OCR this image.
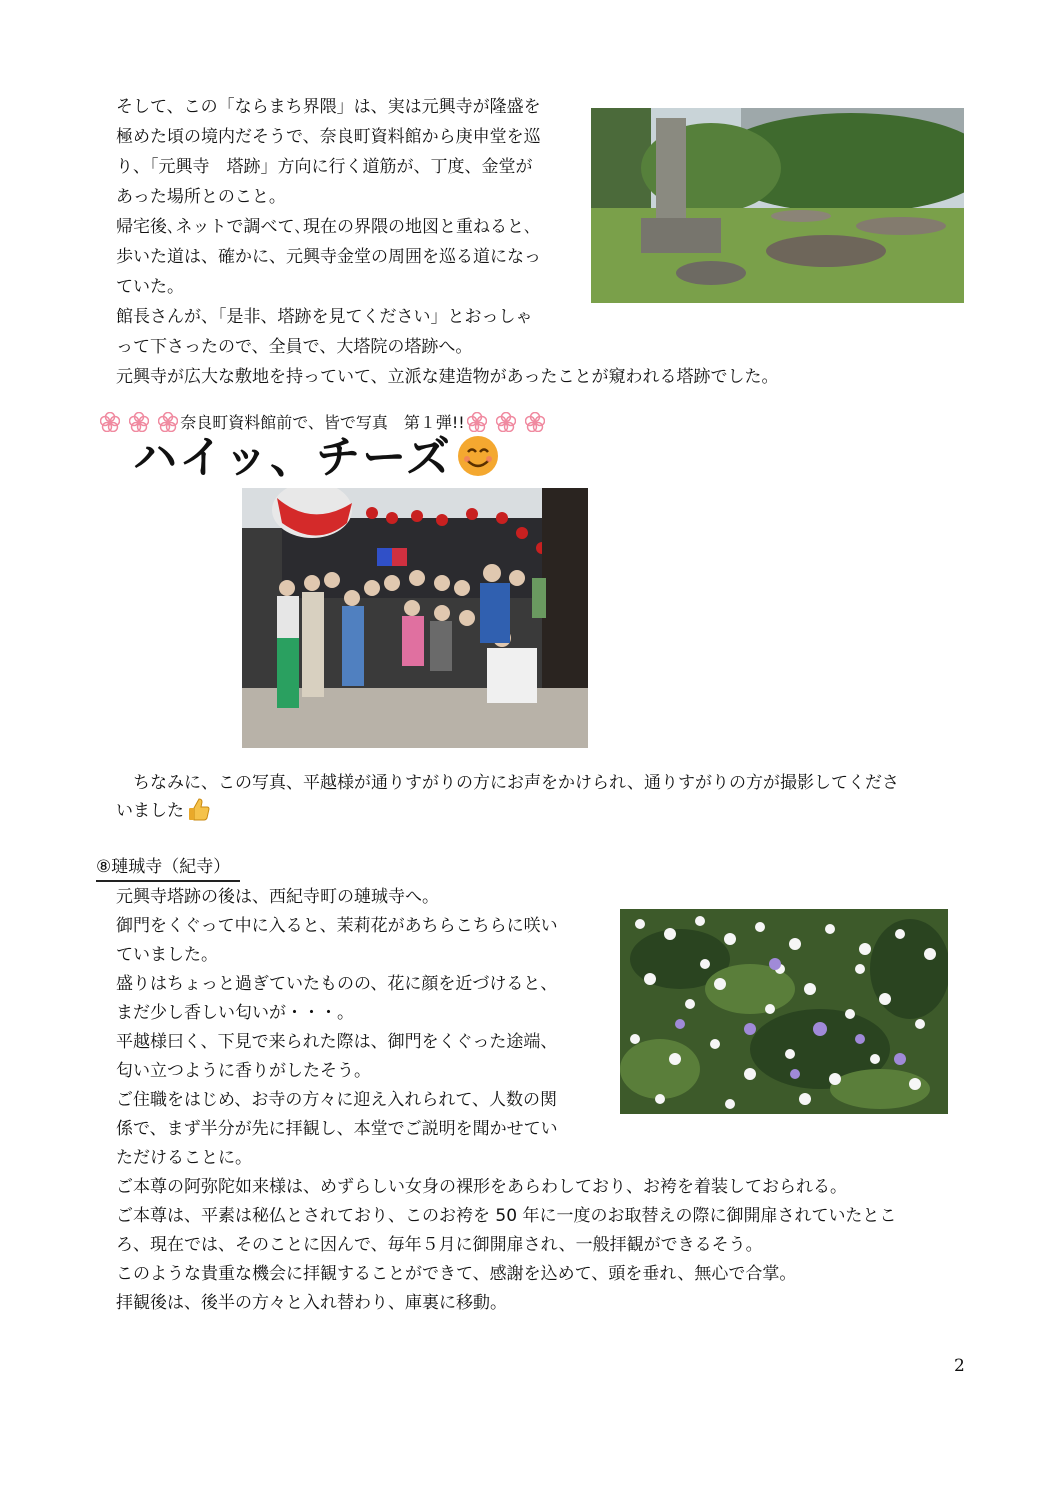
そして、この「ならまち界隈」は、実は元興寺が隆盛を

極めた頃の境内だそうで、奈良町資料館から庚申堂を巡

り、「元興寺　塔跡」方向に行く道筋が、丁度、金堂が

あった場所とのこと。

帰宅後､ネットで調べて､現在の界隈の地図と重ねると､

歩いた道は、確かに、元興寺金堂の周囲を巡る道になっ

ていた。

館長さんが、「是非、塔跡を見てください」とおっしゃ

って下さったので、全員で、大塔院の塔跡へ。

元興寺が広大な敷地を持っていて、立派な建造物があったことが窺われる塔跡でした。

奈良町資料館前で、皆で写真　第１弾!!
ハイッ、チーズ

　ちなみに、この写真、平越様が通りすがりの方にお声をかけられ、通りすがりの方が撮影してくださ

いました
⑧璉珹寺（紀寺）

元興寺塔跡の後は、西紀寺町の璉珹寺へ。

御門をくぐって中に入ると、茉莉花があちらこちらに咲い

ていました。

盛りはちょっと過ぎていたものの、花に顔を近づけると、

まだ少し香しい匂いが・・・。

平越様曰く、下見で来られた際は、御門をくぐった途端、

匂い立つように香りがしたそう。

ご住職をはじめ、お寺の方々に迎え入れられて、人数の関

係で、まず半分が先に拝観し、本堂でご説明を聞かせてい

ただけることに。

ご本尊の阿弥陀如来様は、めずらしい女身の裸形をあらわしており、お袴を着装しておられる。

ご本尊は、平素は秘仏とされており、このお袴を 50 年に一度のお取替えの際に御開扉されていたとこ

ろ、現在では、そのことに因んで、毎年５月に御開扉され、一般拝観ができるそう。

このような貴重な機会に拝観することができて、感謝を込めて、頭を垂れ、無心で合掌。

拝観後は、後半の方々と入れ替わり、庫裏に移動。

2
